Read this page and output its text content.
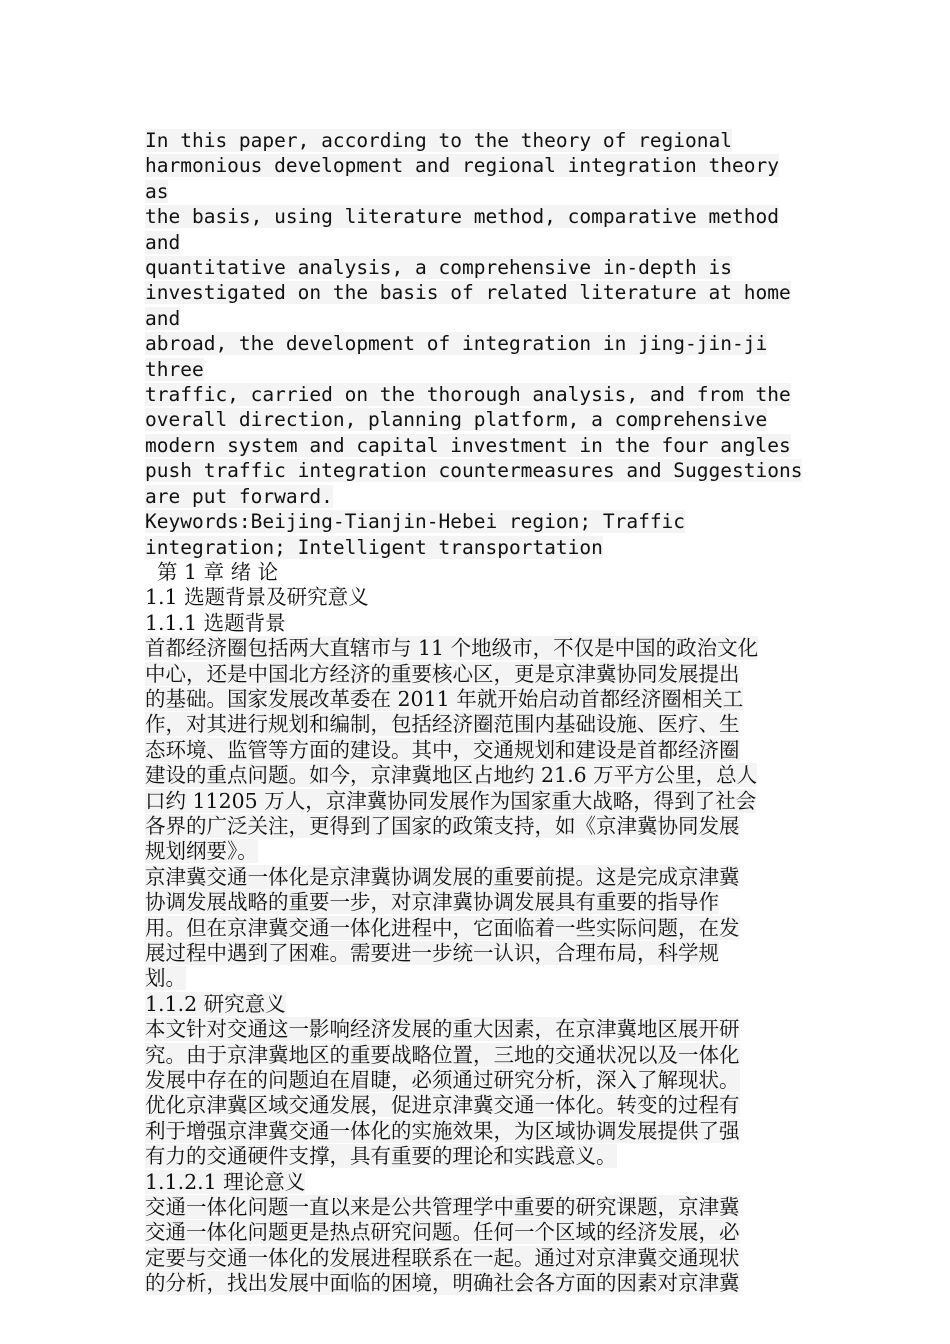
In this paper, according to the theory of regional
harmonious development and regional integration theory as
the basis, using literature method, comparative method and
quantitative analysis, a comprehensive in-depth is
investigated on the basis of related literature at home and
abroad, the development of integration in jing-jin-ji three
traffic, carried on the thorough analysis, and from the
overall direction, planning platform, a comprehensive
modern system and capital investment in the four angles
push traffic integration countermeasures and Suggestions
are put forward.
Keywords:Beijing-Tianjin-Hebei region; Traffic
integration; Intelligent transportation
第 1 章 绪 论
1.1 选题背景及研究意义
1.1.1 选题背景
首都经济圈包括两大直辖市与 11 个地级市，不仅是中国的政治文化
中心，还是中国北方经济的重要核心区，更是京津冀协同发展提出
的基础。国家发展改革委在 2011 年就开始启动首都经济圈相关工
作，对其进行规划和编制，包括经济圈范围内基础设施、医疗、生
态环境、监管等方面的建设。其中，交通规划和建设是首都经济圈
建设的重点问题。如今，京津冀地区占地约 21.6 万平方公里，总人
口约 11205 万人，京津冀协同发展作为国家重大战略，得到了社会
各界的广泛关注，更得到了国家的政策支持，如《京津冀协同发展
规划纲要》。
京津冀交通一体化是京津冀协调发展的重要前提。这是完成京津冀
协调发展战略的重要一步，对京津冀协调发展具有重要的指导作
用。但在京津冀交通一体化进程中，它面临着一些实际问题，在发
展过程中遇到了困难。需要进一步统一认识，合理布局，科学规
划。
1.1.2 研究意义
本文针对交通这一影响经济发展的重大因素，在京津冀地区展开研
究。由于京津冀地区的重要战略位置，三地的交通状况以及一体化
发展中存在的问题迫在眉睫，必须通过研究分析，深入了解现状。
优化京津冀区域交通发展，促进京津冀交通一体化。转变的过程有
利于增强京津冀交通一体化的实施效果，为区域协调发展提供了强
有力的交通硬件支撑，具有重要的理论和实践意义。
1.1.2.1 理论意义
交通一体化问题一直以来是公共管理学中重要的研究课题，京津冀
交通一体化问题更是热点研究问题。任何一个区域的经济发展，必
定要与交通一体化的发展进程联系在一起。通过对京津冀交通现状
的分析，找出发展中面临的困境，明确社会各方面的因素对京津冀
